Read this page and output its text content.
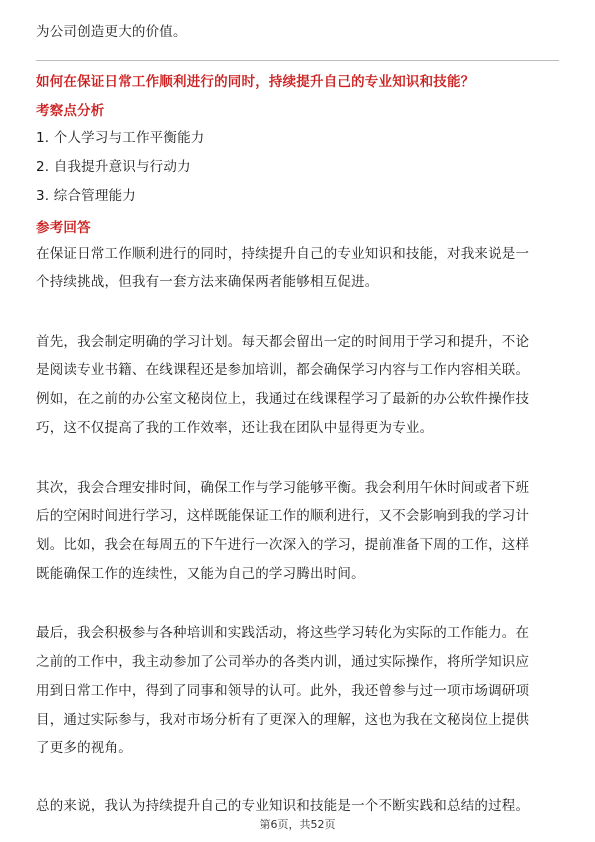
为公司创造更大的价值。
如何在保证日常工作顺利进行的同时，持续提升自己的专业知识和技能？
考察点分析
1. 个人学习与工作平衡能力
2. 自我提升意识与行动力
3. 综合管理能力
参考回答
在保证日常工作顺利进行的同时，持续提升自己的专业知识和技能，对我来说是一
个持续挑战，但我有一套方法来确保两者能够相互促进。
首先，我会制定明确的学习计划。每天都会留出一定的时间用于学习和提升，不论
是阅读专业书籍、在线课程还是参加培训，都会确保学习内容与工作内容相关联。
例如，在之前的办公室文秘岗位上，我通过在线课程学习了最新的办公软件操作技
巧，这不仅提高了我的工作效率，还让我在团队中显得更为专业。
其次，我会合理安排时间，确保工作与学习能够平衡。我会利用午休时间或者下班
后的空闲时间进行学习，这样既能保证工作的顺利进行，又不会影响到我的学习计
划。比如，我会在每周五的下午进行一次深入的学习，提前准备下周的工作，这样
既能确保工作的连续性，又能为自己的学习腾出时间。
最后，我会积极参与各种培训和实践活动，将这些学习转化为实际的工作能力。在
之前的工作中，我主动参加了公司举办的各类内训，通过实际操作，将所学知识应
用到日常工作中，得到了同事和领导的认可。此外，我还曾参与过一项市场调研项
目，通过实际参与，我对市场分析有了更深入的理解，这也为我在文秘岗位上提供
了更多的视角。
总的来说，我认为持续提升自己的专业知识和技能是一个不断实践和总结的过程。
第6页，共52页
